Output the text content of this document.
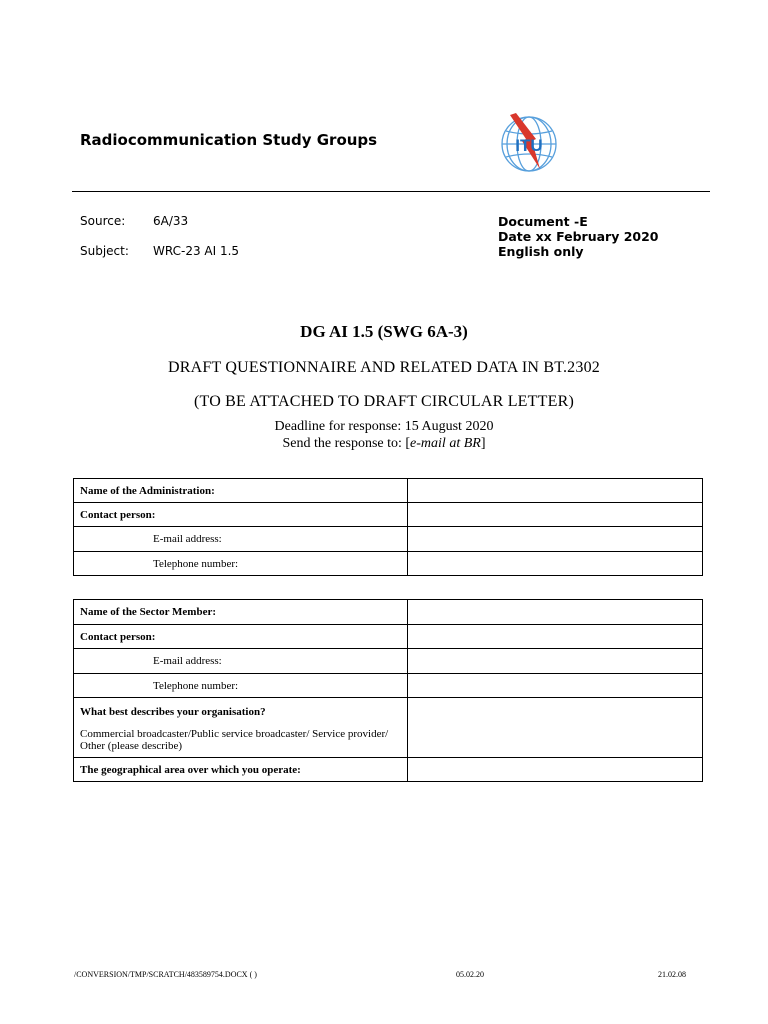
Radiocommunication Study Groups	ITU
Source: 6A/33
Subject: WRC-23 AI 1.5
Document -E
Date xx February 2020
English only
DG AI 1.5 (SWG 6A-3)
DRAFT QUESTIONNAIRE AND RELATED DATA IN BT.2302
(TO BE ATTACHED TO DRAFT CIRCULAR LETTER)
Deadline for response: 15 August 2020
Send the response to: [e-mail at BR]
Name of the Administration:	
Contact person:	
E-mail address:	
Telephone number:	
Name of the Sector Member:	
Contact person:	
E-mail address:	
Telephone number:	

What best describes your organisation?
Commercial broadcaster/Public service broadcaster/ Service provider/ Other (please describe)	
The geographical area over which you operate:	
/CONVERSION/TMP/SCRATCH/483589754.DOCX ( )	05.02.20	21.02.08
